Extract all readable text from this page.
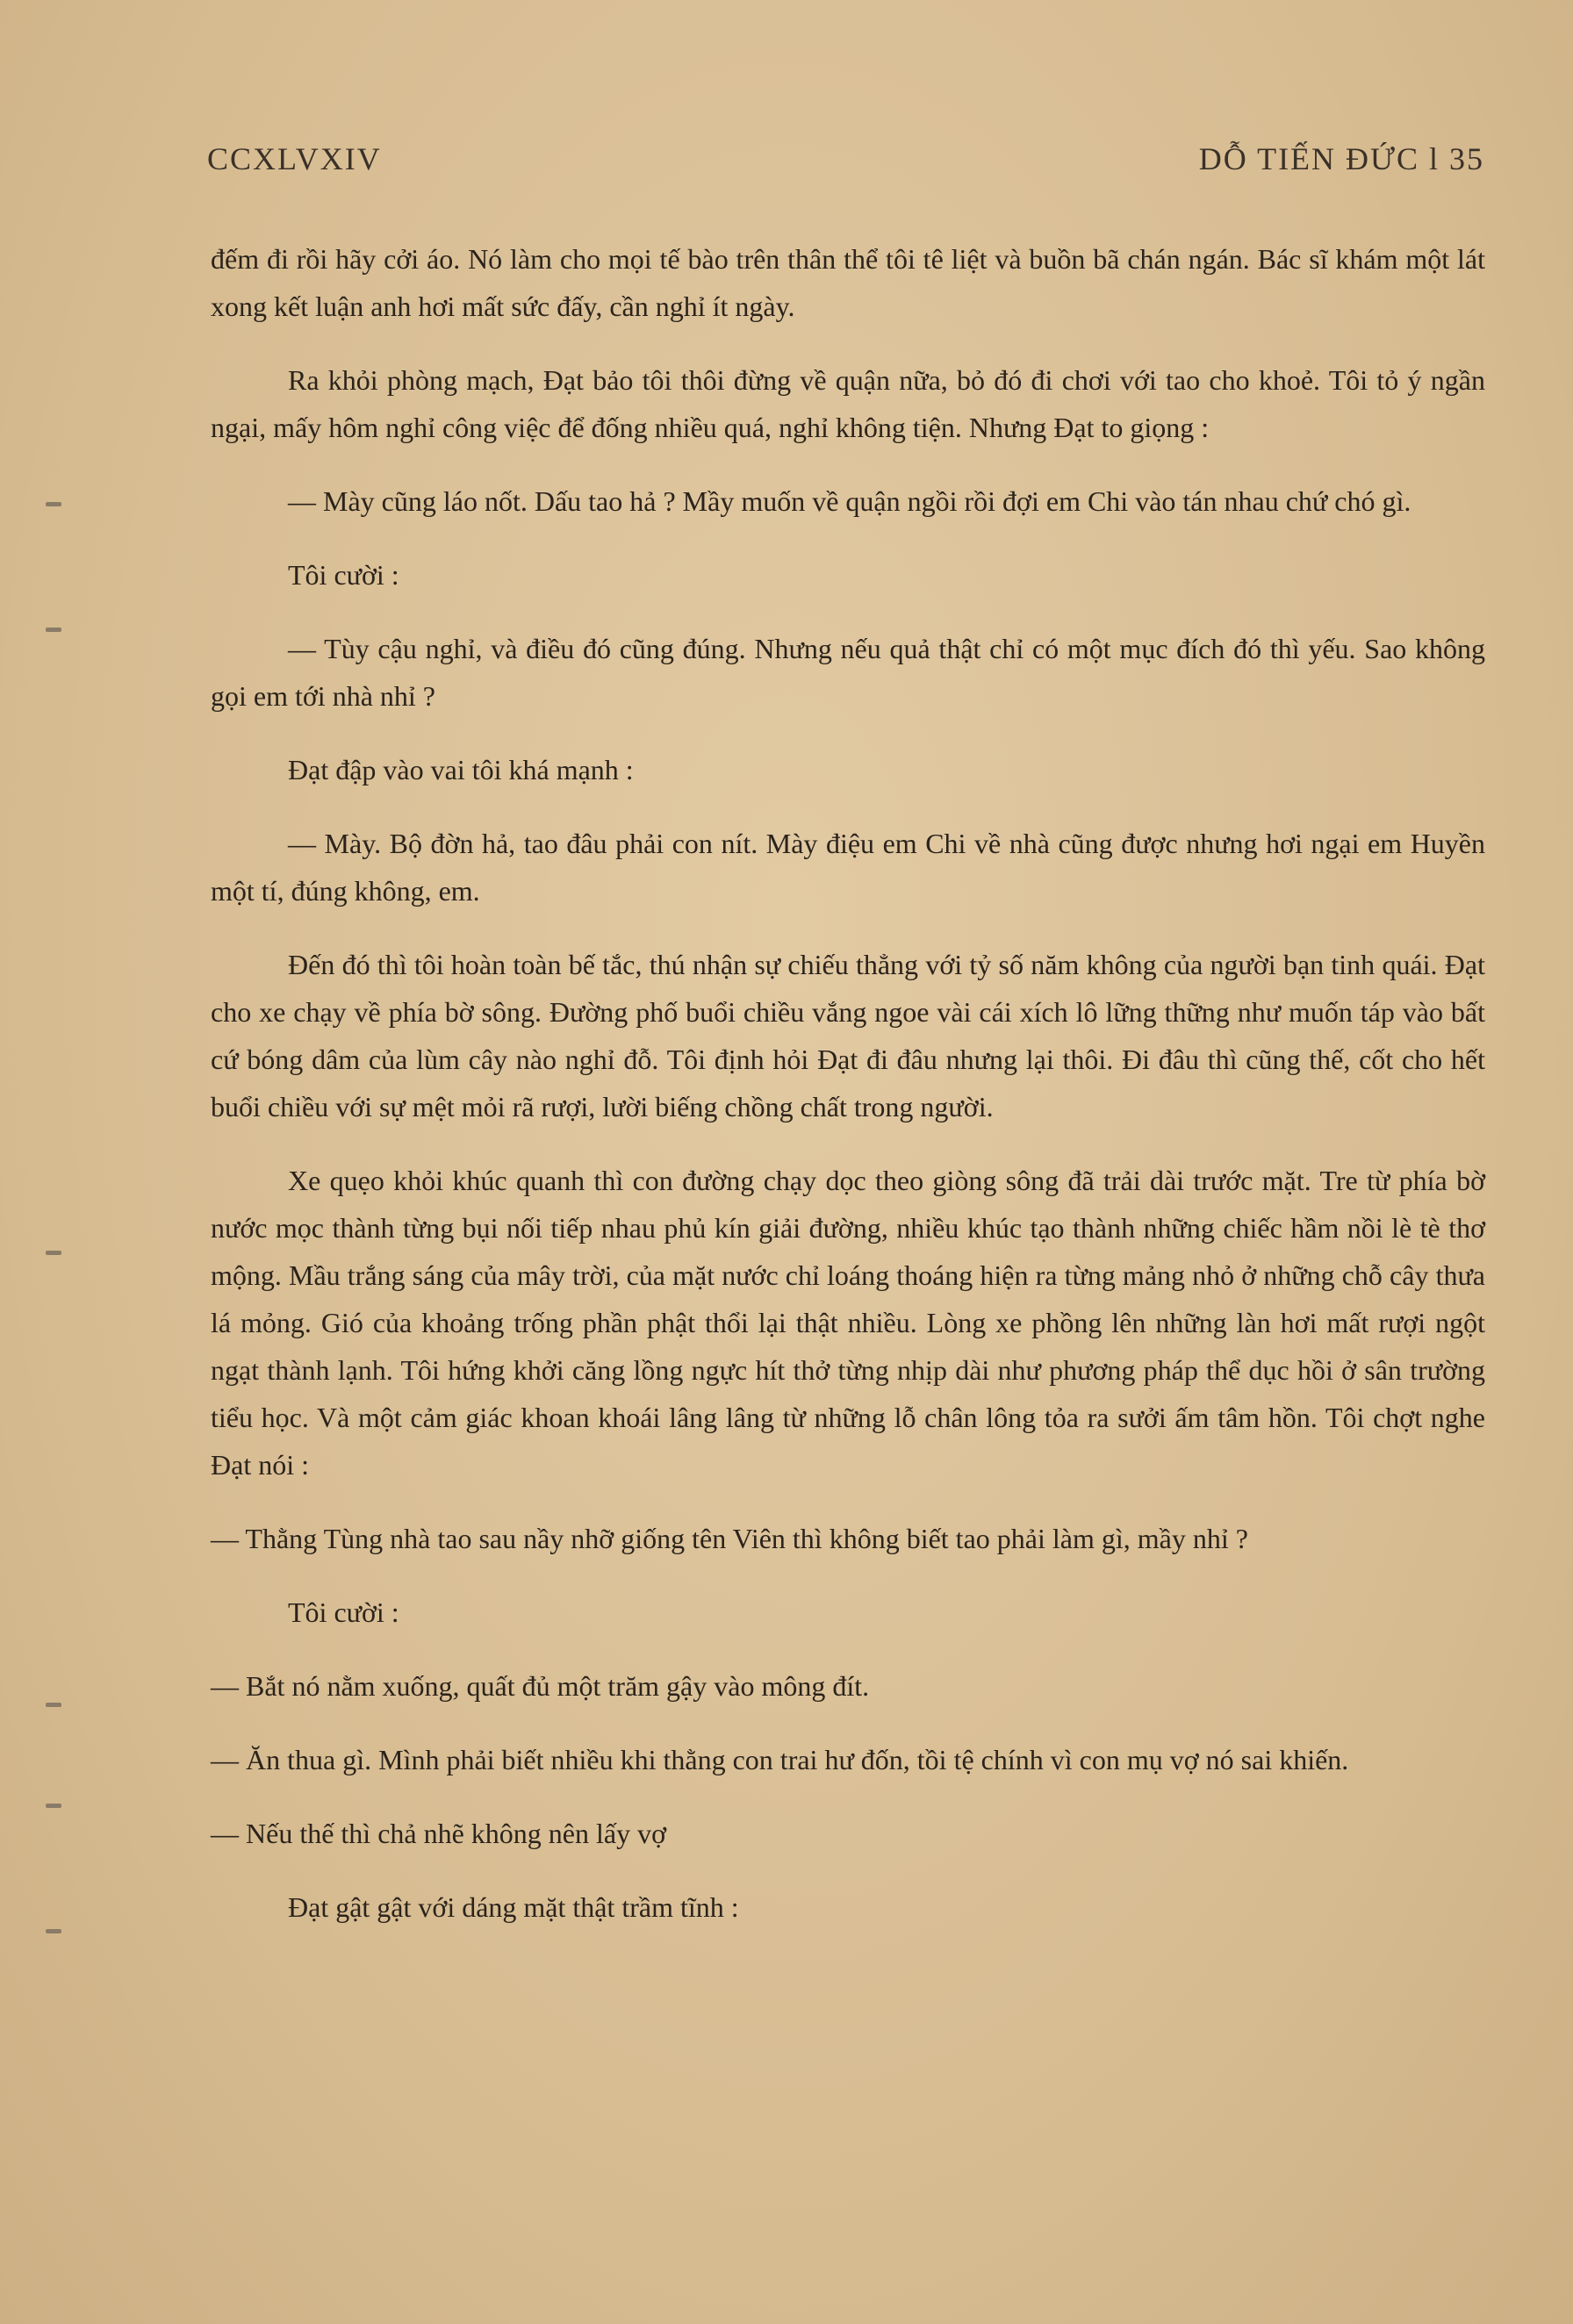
CCXLVXIV	DỖ TIẾN ĐỨC l 35

đếm đi rồi hãy cởi áo. Nó làm cho mọi tế bào trên thân thể tôi tê liệt và buồn bã chán ngán. Bác sĩ khám một lát xong kết luận anh hơi mất sức đấy, cần nghỉ ít ngày.

Ra khỏi phòng mạch, Đạt bảo tôi thôi đừng về quận nữa, bỏ đó đi chơi với tao cho khoẻ. Tôi tỏ ý ngần ngại, mấy hôm nghỉ công việc để đống nhiều quá, nghỉ không tiện. Nhưng Đạt to giọng :

— Mày cũng láo nốt. Dấu tao hả ? Mầy muốn về quận ngồi rồi đợi em Chi vào tán nhau chứ chó gì.

Tôi cười :

— Tùy cậu nghỉ, và điều đó cũng đúng. Nhưng nếu quả thật chỉ có một mục đích đó thì yếu. Sao không gọi em tới nhà nhỉ ?

Đạt đập vào vai tôi khá mạnh :

— Mày. Bộ đờn hả, tao đâu phải con nít. Mày điệu em Chi về nhà cũng được nhưng hơi ngại em Huyền một tí, đúng không, em.

Đến đó thì tôi hoàn toàn bế tắc, thú nhận sự chiếu thẳng với tỷ số năm không của người bạn tinh quái. Đạt cho xe chạy về phía bờ sông. Đường phố buổi chiều vắng ngoe vài cái xích lô lững thững như muốn táp vào bất cứ bóng dâm của lùm cây nào nghỉ đỗ. Tôi định hỏi Đạt đi đâu nhưng lại thôi. Đi đâu thì cũng thế, cốt cho hết buổi chiều với sự mệt mỏi rã rượi, lười biếng chồng chất trong người.

Xe quẹo khỏi khúc quanh thì con đường chạy dọc theo giòng sông đã trải dài trước mặt. Tre từ phía bờ nước mọc thành từng bụi nối tiếp nhau phủ kín giải đường, nhiều khúc tạo thành những chiếc hầm nồi lè tè thơ mộng. Mầu trắng sáng của mây trời, của mặt nước chỉ loáng thoáng hiện ra từng mảng nhỏ ở những chỗ cây thưa lá mỏng. Gió của khoảng trống phần phật thổi lại thật nhiều. Lòng xe phồng lên những làn hơi mất rượi ngột ngạt thành lạnh. Tôi hứng khởi căng lồng ngực hít thở từng nhịp dài như phương pháp thể dục hồi ở sân trường tiểu học. Và một cảm giác khoan khoái lâng lâng từ những lỗ chân lông tỏa ra sưởi ấm tâm hồn. Tôi chợt nghe Đạt nói :

— Thằng Tùng nhà tao sau nầy nhỡ giống tên Viên thì không biết tao phải làm gì, mầy nhỉ ?

Tôi cười :

— Bắt nó nằm xuống, quất đủ một trăm gậy vào mông đít.

— Ăn thua gì. Mình phải biết nhiều khi thằng con trai hư đốn, tồi tệ chính vì con mụ vợ nó sai khiến.

— Nếu thế thì chả nhẽ không nên lấy vợ

Đạt gật gật với dáng mặt thật trầm tĩnh :
